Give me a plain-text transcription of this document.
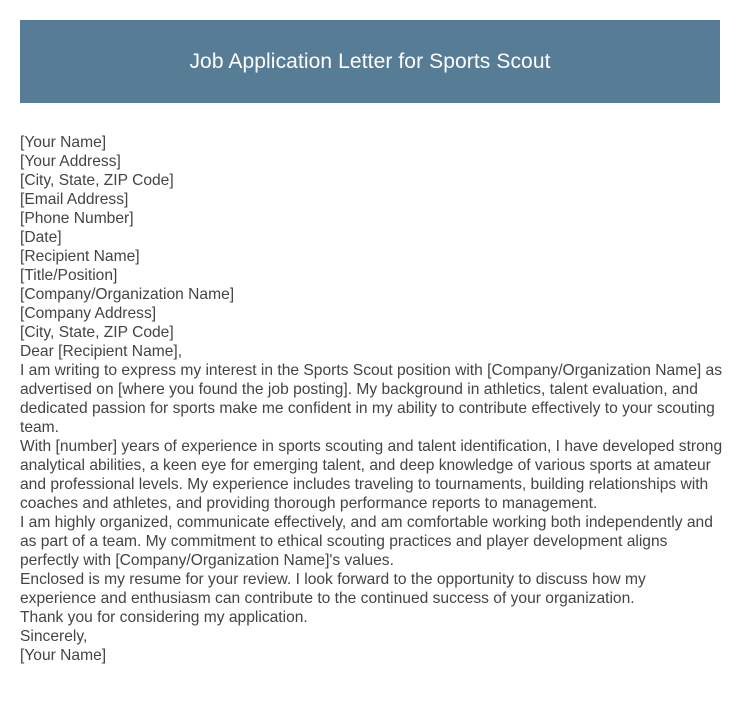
Job Application Letter for Sports Scout

[Your Name]

[Your Address]

[City, State, ZIP Code]

[Email Address]

[Phone Number]

[Date]

[Recipient Name]

[Title/Position]

[Company/Organization Name]

[Company Address]

[City, State, ZIP Code]

Dear [Recipient Name],

I am writing to express my interest in the Sports Scout position with [Company/Organization Name] as advertised on [where you found the job posting]. My background in athletics, talent evaluation, and dedicated passion for sports make me confident in my ability to contribute effectively to your scouting team.

With [number] years of experience in sports scouting and talent identification, I have developed strong analytical abilities, a keen eye for emerging talent, and deep knowledge of various sports at amateur and professional levels. My experience includes traveling to tournaments, building relationships with coaches and athletes, and providing thorough performance reports to management.

I am highly organized, communicate effectively, and am comfortable working both independently and as part of a team. My commitment to ethical scouting practices and player development aligns perfectly with [Company/Organization Name]'s values.

Enclosed is my resume for your review. I look forward to the opportunity to discuss how my experience and enthusiasm can contribute to the continued success of your organization.

Thank you for considering my application.

Sincerely,

[Your Name]
